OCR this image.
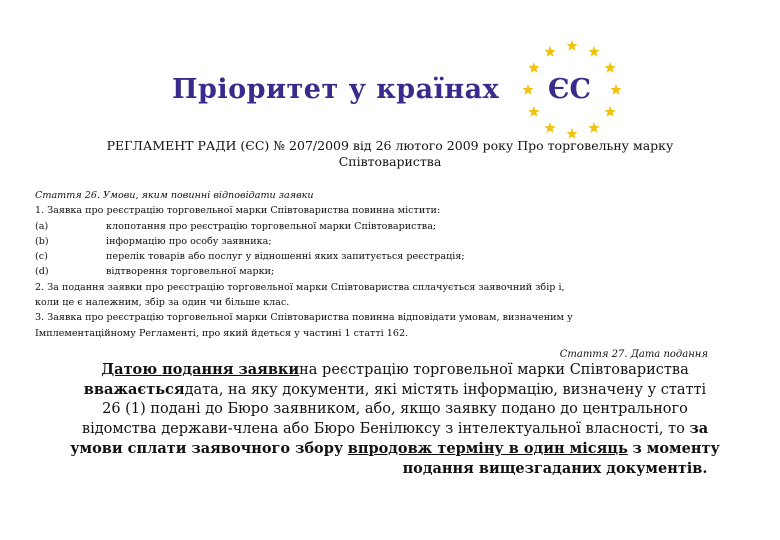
Пріоритет у країнах ЄС
РЕГЛАМЕНТ РАДИ (ЄС) № 207/2009 від 26 лютого 2009 року Про торговельну марку
Співтовариства
Стаття 26. Умови, яким повинні відповідати заявки
1. Заявка про реєстрацію торговельної марки Співтовариства повинна містити:
(a)	клопотання про реєстрацію торговельної марки Співтовариства;
(b)	інформацію про особу заявника;
(c)	перелік товарів або послуг у відношенні яких запитується реєстрація;
(d)	відтворення торговельної марки;
2. За подання заявки про реєстрацію торговельної марки Співтовариства сплачується заявочний збір і,
коли це є належним, збір за один чи більше клас.
3. Заявка про реєстрацію торговельної марки Співтовариства повинна відповідати умовам, визначеним у
Імплементаційному Регламенті, про який йдеться у частині 1 статті 162.
Стаття 27. Дата подання
Датою подання заявкина реєстрацію торговельної марки Співтовариства
вважаєтьсядата, на яку документи, які містять інформацію, визначену у статті
26 (1) подані до Бюро заявником, або, якщо заявку подано до центрального
відомства держави-члена або Бюро Бенілюксу з інтелектуальної власності, то за
умови сплати заявочного збору впродовж терміну в один місяць з моменту
подання вищезгаданих документів.
